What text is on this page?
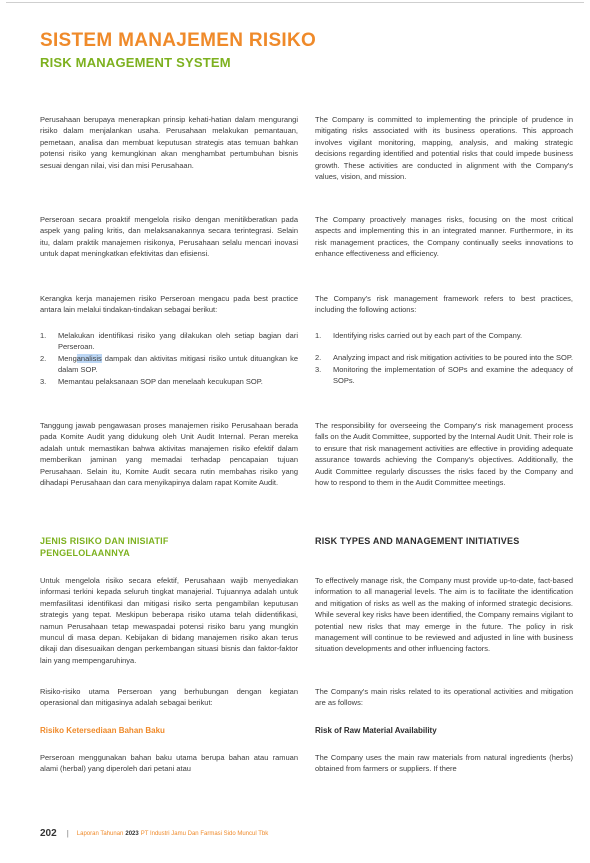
SISTEM MANAJEMEN RISIKO
RISK MANAGEMENT SYSTEM

Perusahaan berupaya menerapkan prinsip kehati-hatian dalam mengurangi risiko dalam menjalankan usaha. Perusahaan melakukan pemantauan, pemetaan, analisa dan membuat keputusan strategis atas temuan bahkan potensi risiko yang kemungkinan akan menghambat pertumbuhan bisnis sesuai dengan nilai, visi dan misi Perusahaan.

Perseroan secara proaktif mengelola risiko dengan menitikberatkan pada aspek yang paling kritis, dan melaksanakannya secara terintegrasi. Selain itu, dalam praktik manajemen risikonya, Perusahaan selalu mencari inovasi untuk dapat meningkatkan efektivitas dan efisiensi.

Kerangka kerja manajemen risiko Perseroan mengacu pada best practice antara lain melalui tindakan-tindakan sebagai berikut:

1.	Melakukan identifikasi risiko yang dilakukan oleh setiap bagian dari Perseroan.
2.	Menganalisis dampak dan aktivitas mitigasi risiko untuk dituangkan ke dalam SOP.
3.	Memantau pelaksanaan SOP dan menelaah kecukupan SOP.

Tanggung jawab pengawasan proses manajemen risiko Perusahaan berada pada Komite Audit yang didukung oleh Unit Audit Internal. Peran mereka adalah untuk memastikan bahwa aktivitas manajemen risiko efektif dalam memberikan jaminan yang memadai terhadap pencapaian tujuan Perusahaan. Selain itu, Komite Audit secara rutin membahas risiko yang dihadapi Perusahaan dan cara menyikapinya dalam rapat Komite Audit.

JENIS RISIKO DAN INISIATIF PENGELOLAANNYA

Untuk mengelola risiko secara efektif, Perusahaan wajib menyediakan informasi terkini kepada seluruh tingkat manajerial. Tujuannya adalah untuk memfasilitasi identifikasi dan mitigasi risiko serta pengambilan keputusan strategis yang tepat. Meskipun beberapa risiko utama telah diidentifikasi, namun Perusahaan tetap mewaspadai potensi risiko baru yang mungkin muncul di masa depan. Kebijakan di bidang manajemen risiko akan terus dikaji dan disesuaikan dengan perkembangan situasi bisnis dan faktor-faktor lain yang mempengaruhinya.

Risiko-risiko utama Perseroan yang berhubungan dengan kegiatan operasional dan mitigasinya adalah sebagai berikut:

Risiko Ketersediaan Bahan Baku

Perseroan menggunakan bahan baku utama berupa bahan atau ramuan alami (herbal) yang diperoleh dari petani atau

The Company is committed to implementing the principle of prudence in mitigating risks associated with its business operations. This approach involves vigilant monitoring, mapping, analysis, and making strategic decisions regarding identified and potential risks that could impede business growth. These activities are conducted in alignment with the Company's values, vision, and mission.

The Company proactively manages risks, focusing on the most critical aspects and implementing this in an integrated manner. Furthermore, in its risk management practices, the Company continually seeks innovations to enhance effectiveness and efficiency.

The Company's risk management framework refers to best practices, including the following actions:

1.	Identifying risks carried out by each part of the Company.
2.	Analyzing impact and risk mitigation activities to be poured into the SOP.
3.	Monitoring the implementation of SOPs and examine the adequacy of SOPs.

The responsibility for overseeing the Company's risk management process falls on the Audit Committee, supported by the Internal Audit Unit. Their role is to ensure that risk management activities are effective in providing adequate assurance towards achieving the Company's objectives. Additionally, the Audit Committee regularly discusses the risks faced by the Company and how to respond to them in the Audit Committee meetings.

RISK TYPES AND MANAGEMENT INITIATIVES

To effectively manage risk, the Company must provide up-to-date, fact-based information to all managerial levels. The aim is to facilitate the identification and mitigation of risks as well as the making of informed strategic decisions. While several key risks have been identified, the Company remains vigilant to potential new risks that may emerge in the future. The policy in risk management will continue to be reviewed and adjusted in line with business situation developments and other influencing factors.

The Company's main risks related to its operational activities and mitigation are as follows:

Risk of Raw Material Availability

The Company uses the main raw materials from natural ingredients (herbs) obtained from farmers or suppliers. If there

202 | Laporan Tahunan 2023 PT Industri Jamu Dan Farmasi Sido Muncul Tbk
